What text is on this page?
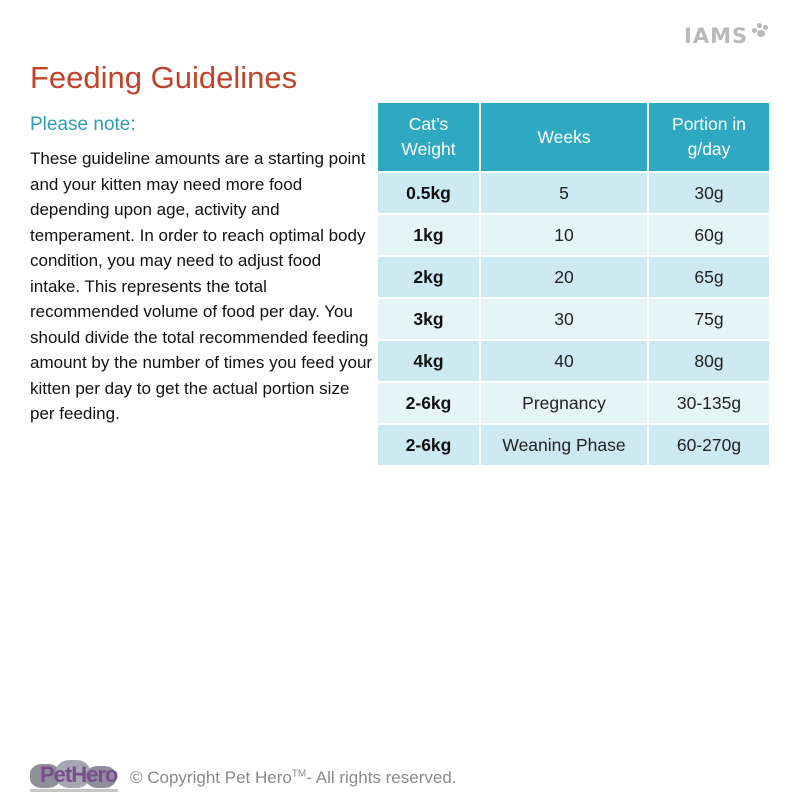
IAMS
Feeding Guidelines
Please note:

These guideline amounts are a starting point and your kitten may need more food depending upon age, activity and temperament. In order to reach optimal body condition, you may need to adjust food intake. This represents the total recommended volume of food per day. You should divide the total recommended feeding amount by the number of times you feed your kitten per day to get the actual portion size per feeding.

Cat’s Weight	Weeks	Portion in g/day
0.5kg	5	30g
1kg	10	60g
2kg	20	65g
3kg	30	75g
4kg	40	80g
2-6kg	Pregnancy	30-135g
2-6kg	Weaning Phase	60-270g
PetHero © Copyright Pet Hero™- All rights reserved.
